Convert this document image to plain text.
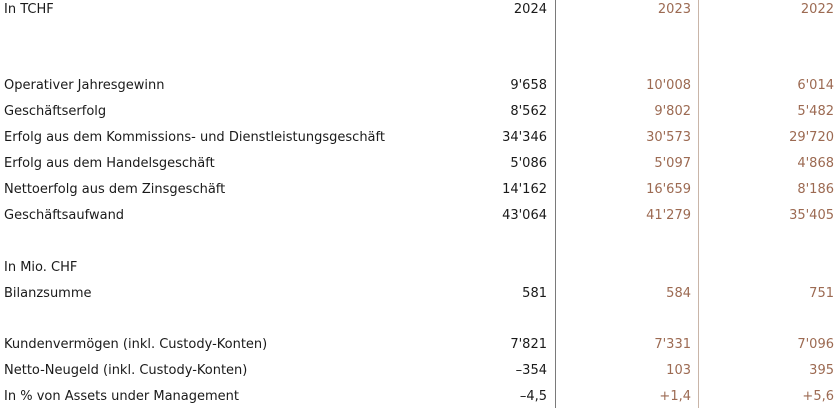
In TCHF	2024	2023	2022
Operativer Jahresgewinn	9'658	10'008	6'014
Geschäftserfolg	8'562	9'802	5'482
Erfolg aus dem Kommissions- und Dienstleistungsgeschäft	34'346	30'573	29'720
Erfolg aus dem Handelsgeschäft	5'086	5'097	4'868
Nettoerfolg aus dem Zinsgeschäft	14'162	16'659	8'186
Geschäftsaufwand	43'064	41'279	35'405
In Mio. CHF
Bilanzsumme	581	584	751
Kundenvermögen (inkl. Custody-Konten)	7'821	7'331	7'096
Netto-Neugeld (inkl. Custody-Konten)	–354	103	395
In % von Assets under Management	–4,5	+1,4	+5,6
